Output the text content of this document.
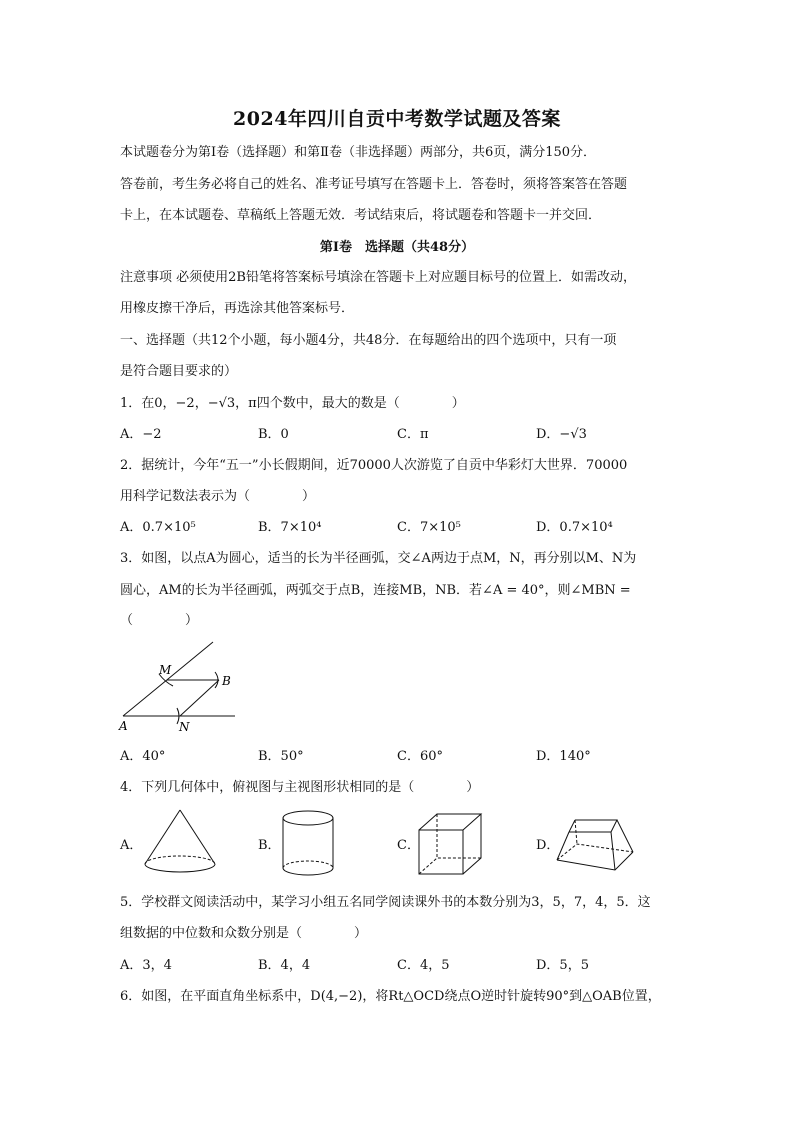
2024年四川自贡中考数学试题及答案
本试题卷分为第Ⅰ卷（选择题）和第Ⅱ卷（非选择题）两部分，共6页，满分150分．
答卷前，考生务必将自己的姓名、准考证号填写在答题卡上．答卷时，须将答案答在答题
卡上，在本试题卷、草稿纸上答题无效．考试结束后，将试题卷和答题卡一并交回．
第Ⅰ卷　选择题（共48分）
注意事项 必须使用2B铅笔将答案标号填涂在答题卡上对应题目标号的位置上．如需改动，
用橡皮擦干净后，再选涂其他答案标号．
一、选择题（共12个小题，每小题4分，共48分．在每题给出的四个选项中，只有一项
是符合题目要求的）
1．在0，−2，−√3，π四个数中，最大的数是（　　　　）
A．−2	B．0	C．π	D．−√3
2．据统计，今年“五一”小长假期间，近70000人次游览了自贡中华彩灯大世界．70000
用科学记数法表示为（　　　　）
A．0.7×10⁵	B．7×10⁴	C．7×10⁵	D．0.7×10⁴
3．如图，以点A为圆心，适当的长为半径画弧，交∠A两边于点M，N，再分别以M、N为
圆心，AM的长为半径画弧，两弧交于点B，连接MB，NB．若∠A = 40°，则∠MBN =
（　　　　）
M
B
A	N
A．40°	B．50°	C．60°	D．140°
4．下列几何体中，俯视图与主视图形状相同的是（　　　　）
A．	B．	C．	D．
5．学校群文阅读活动中，某学习小组五名同学阅读课外书的本数分别为3，5，7，4，5．这
组数据的中位数和众数分别是（　　　　）
A．3，4	B．4，4	C．4，5	D．5，5
6．如图，在平面直角坐标系中，D(4,−2)，将Rt△OCD绕点O逆时针旋转90°到△OAB位置，
